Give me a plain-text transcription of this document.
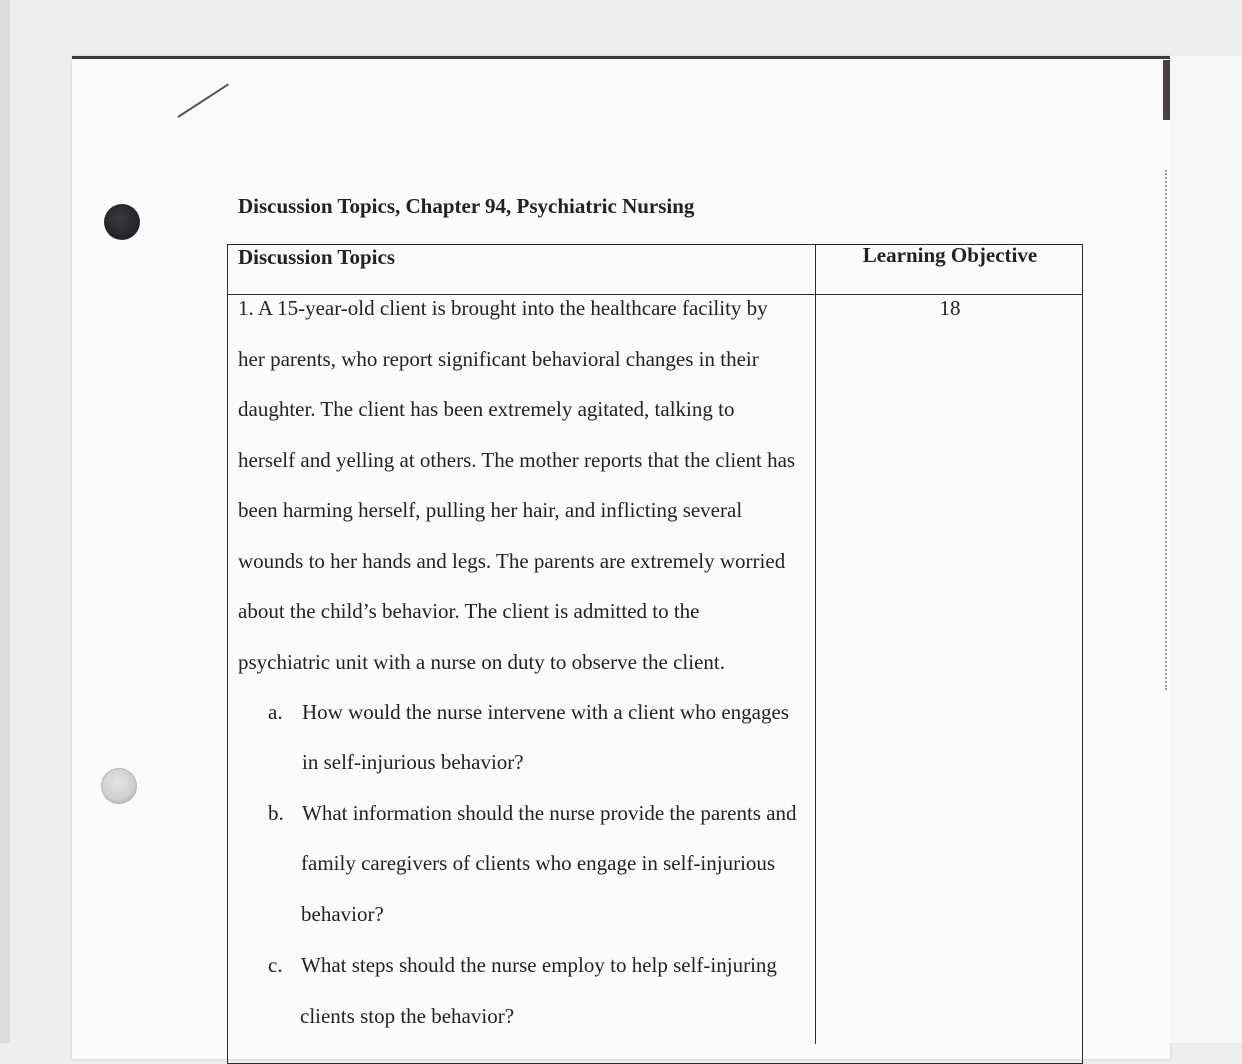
Discussion Topics, Chapter 94, Psychiatric Nursing
Discussion Topics	Learning Objective
18
1. A 15-year-old client is brought into the healthcare facility by
her parents, who report significant behavioral changes in their
daughter. The client has been extremely agitated, talking to
herself and yelling at others. The mother reports that the client has
been harming herself, pulling her hair, and inflicting several
wounds to her hands and legs. The parents are extremely worried
about the child’s behavior. The client is admitted to the
psychiatric unit with a nurse on duty to observe the client.
a. How would the nurse intervene with a client who engages
in self-injurious behavior?
b. What information should the nurse provide the parents and
family caregivers of clients who engage in self-injurious
behavior?
c. What steps should the nurse employ to help self-injuring
clients stop the behavior?
